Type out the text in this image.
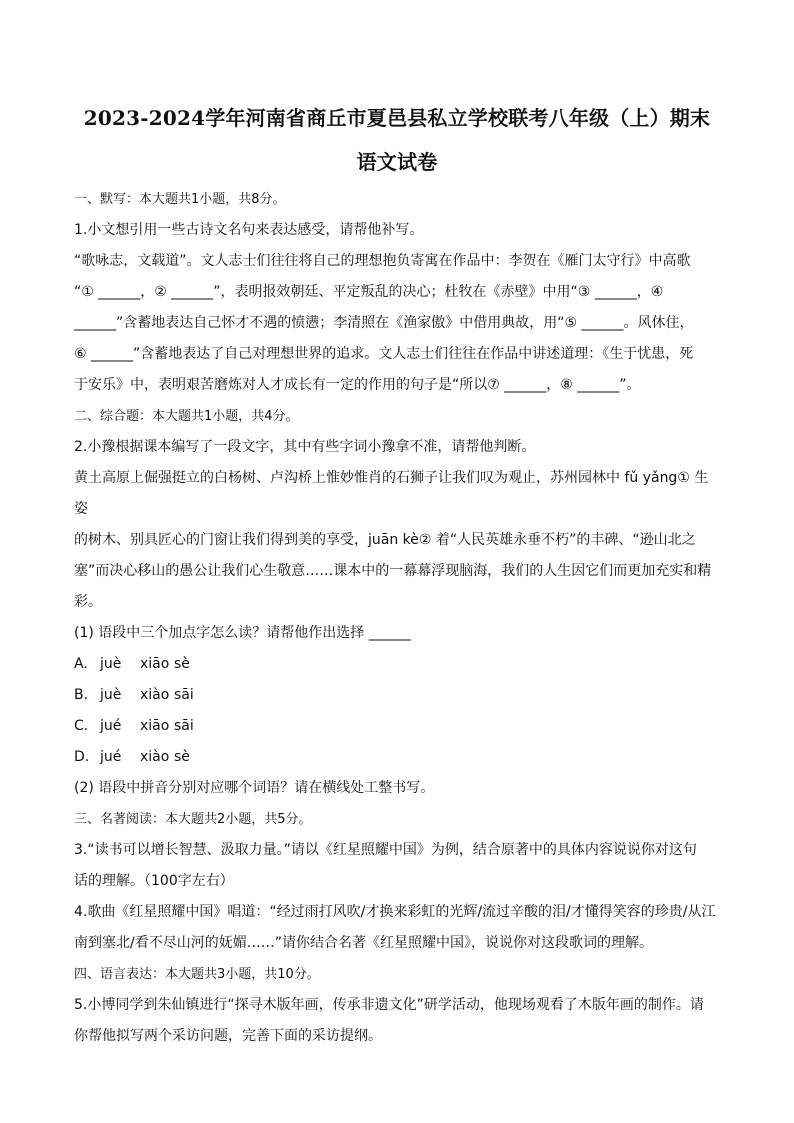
2023-2024学年河南省商丘市夏邑县私立学校联考八年级（上）期末
语文试卷

一、默写：本大题共1小题，共8分。

1.小文想引用一些古诗文名句来表达感受，请帮他补写。

“歌咏志，文载道”。文人志士们往往将自己的理想抱负寄寓在作品中：李贺在《雁门太守行》中高歌

“① ______，② ______”，表明报效朝廷、平定叛乱的决心；杜牧在《赤壁》中用“③ ______，④

______”含蓄地表达自己怀才不遇的愤懑；李清照在《渔家傲》中借用典故，用“⑤ ______。风休住，

⑥ ______”含蓄地表达了自己对理想世界的追求。文人志士们往往在作品中讲述道理：《生于忧患，死

于安乐》中，表明艰苦磨炼对人才成长有一定的作用的句子是“所以⑦ ______，⑧ ______”。

二、综合题：本大题共1小题，共4分。

2.小豫根据课本编写了一段文字，其中有些字词小豫拿不准，请帮他判断。

黄土高原上倔强挺立的白杨树、卢沟桥上惟妙惟肖的石狮子让我们叹为观止，苏州园林中 fǔ yǎng① 生姿

的树木、别具匠心的门窗让我们得到美的享受，juān kè② 着“人民英雄永垂不朽”的丰碑、“逊山北之

塞”而决心移山的愚公让我们心生敬意……课本中的一幕幕浮现脑海，我们的人生因它们而更加充实和精

彩。

(1) 语段中三个加点字怎么读？请帮他作出选择 ______

A. juè	xiāo sè
B. juè	xiào sāi
C. jué	xiāo sāi
D. jué	xiào sè

(2) 语段中拼音分别对应哪个词语？请在横线处工整书写。

三、名著阅读：本大题共2小题，共5分。

3.“读书可以增长智慧、汲取力量。”请以《红星照耀中国》为例，结合原著中的具体内容说说你对这句

话的理解。（100字左右）

4.歌曲《红星照耀中国》唱道：“经过雨打风吹/才换来彩虹的光辉/流过辛酸的泪/才懂得笑容的珍贵/从江

南到塞北/看不尽山河的妩媚……”请你结合名著《红星照耀中国》，说说你对这段歌词的理解。

四、语言表达：本大题共3小题，共10分。

5.小博同学到朱仙镇进行“探寻木版年画，传承非遗文化”研学活动，他现场观看了木版年画的制作。请

你帮他拟写两个采访问题，完善下面的采访提纲。
